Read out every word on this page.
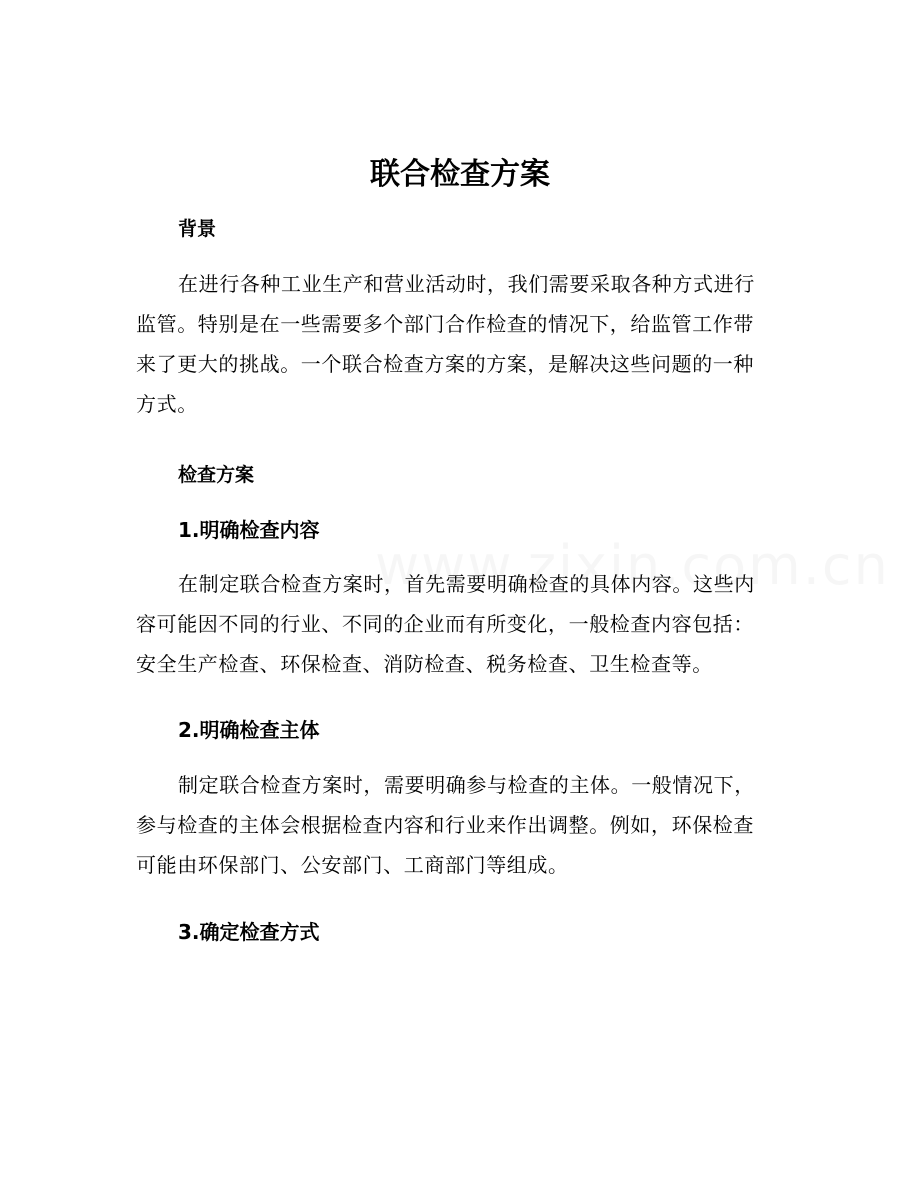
联合检查方案
背景

在进行各种工业生产和营业活动时，我们需要采取各种方式进行监管。特别是在一些需要多个部门合作检查的情况下，给监管工作带来了更大的挑战。一个联合检查方案的方案，是解决这些问题的一种方式。

检查方案
1.明确检查内容

在制定联合检查方案时，首先需要明确检查的具体内容。这些内容可能因不同的行业、不同的企业而有所变化，一般检查内容包括：安全生产检查、环保检查、消防检查、税务检查、卫生检查等。

2.明确检查主体

制定联合检查方案时，需要明确参与检查的主体。一般情况下，参与检查的主体会根据检查内容和行业来作出调整。例如，环保检查可能由环保部门、公安部门、工商部门等组成。

3.确定检查方式
